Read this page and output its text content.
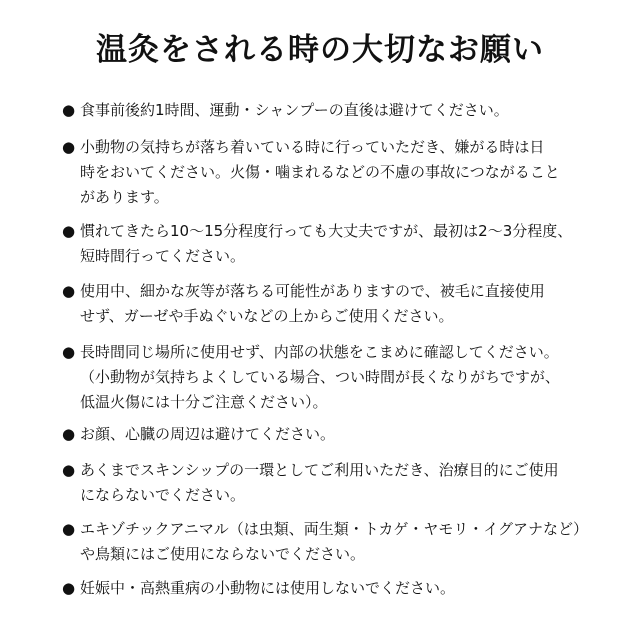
温灸をされる時の大切なお願い
● 食事前後約1時間、運動・シャンプーの直後は避けてください。
● 小動物の気持ちが落ち着いている時に行っていただき、嫌がる時は日
時をおいてください。火傷・噛まれるなどの不慮の事故につながること
があります。
● 慣れてきたら10～15分程度行っても大丈夫ですが、最初は2～3分程度、
短時間行ってください。
● 使用中、細かな灰等が落ちる可能性がありますので、被毛に直接使用
せず、ガーゼや手ぬぐいなどの上からご使用ください。
● 長時間同じ場所に使用せず、内部の状態をこまめに確認してください。
（小動物が気持ちよくしている場合、つい時間が長くなりがちですが、
低温火傷には十分ご注意ください）。
● お顔、心臓の周辺は避けてください。
● あくまでスキンシップの一環としてご利用いただき、治療目的にご使用
にならないでください。
● エキゾチックアニマル（は虫類、両生類・トカゲ・ヤモリ・イグアナなど）
や鳥類にはご使用にならないでください。
● 妊娠中・高熱重病の小動物には使用しないでください。
